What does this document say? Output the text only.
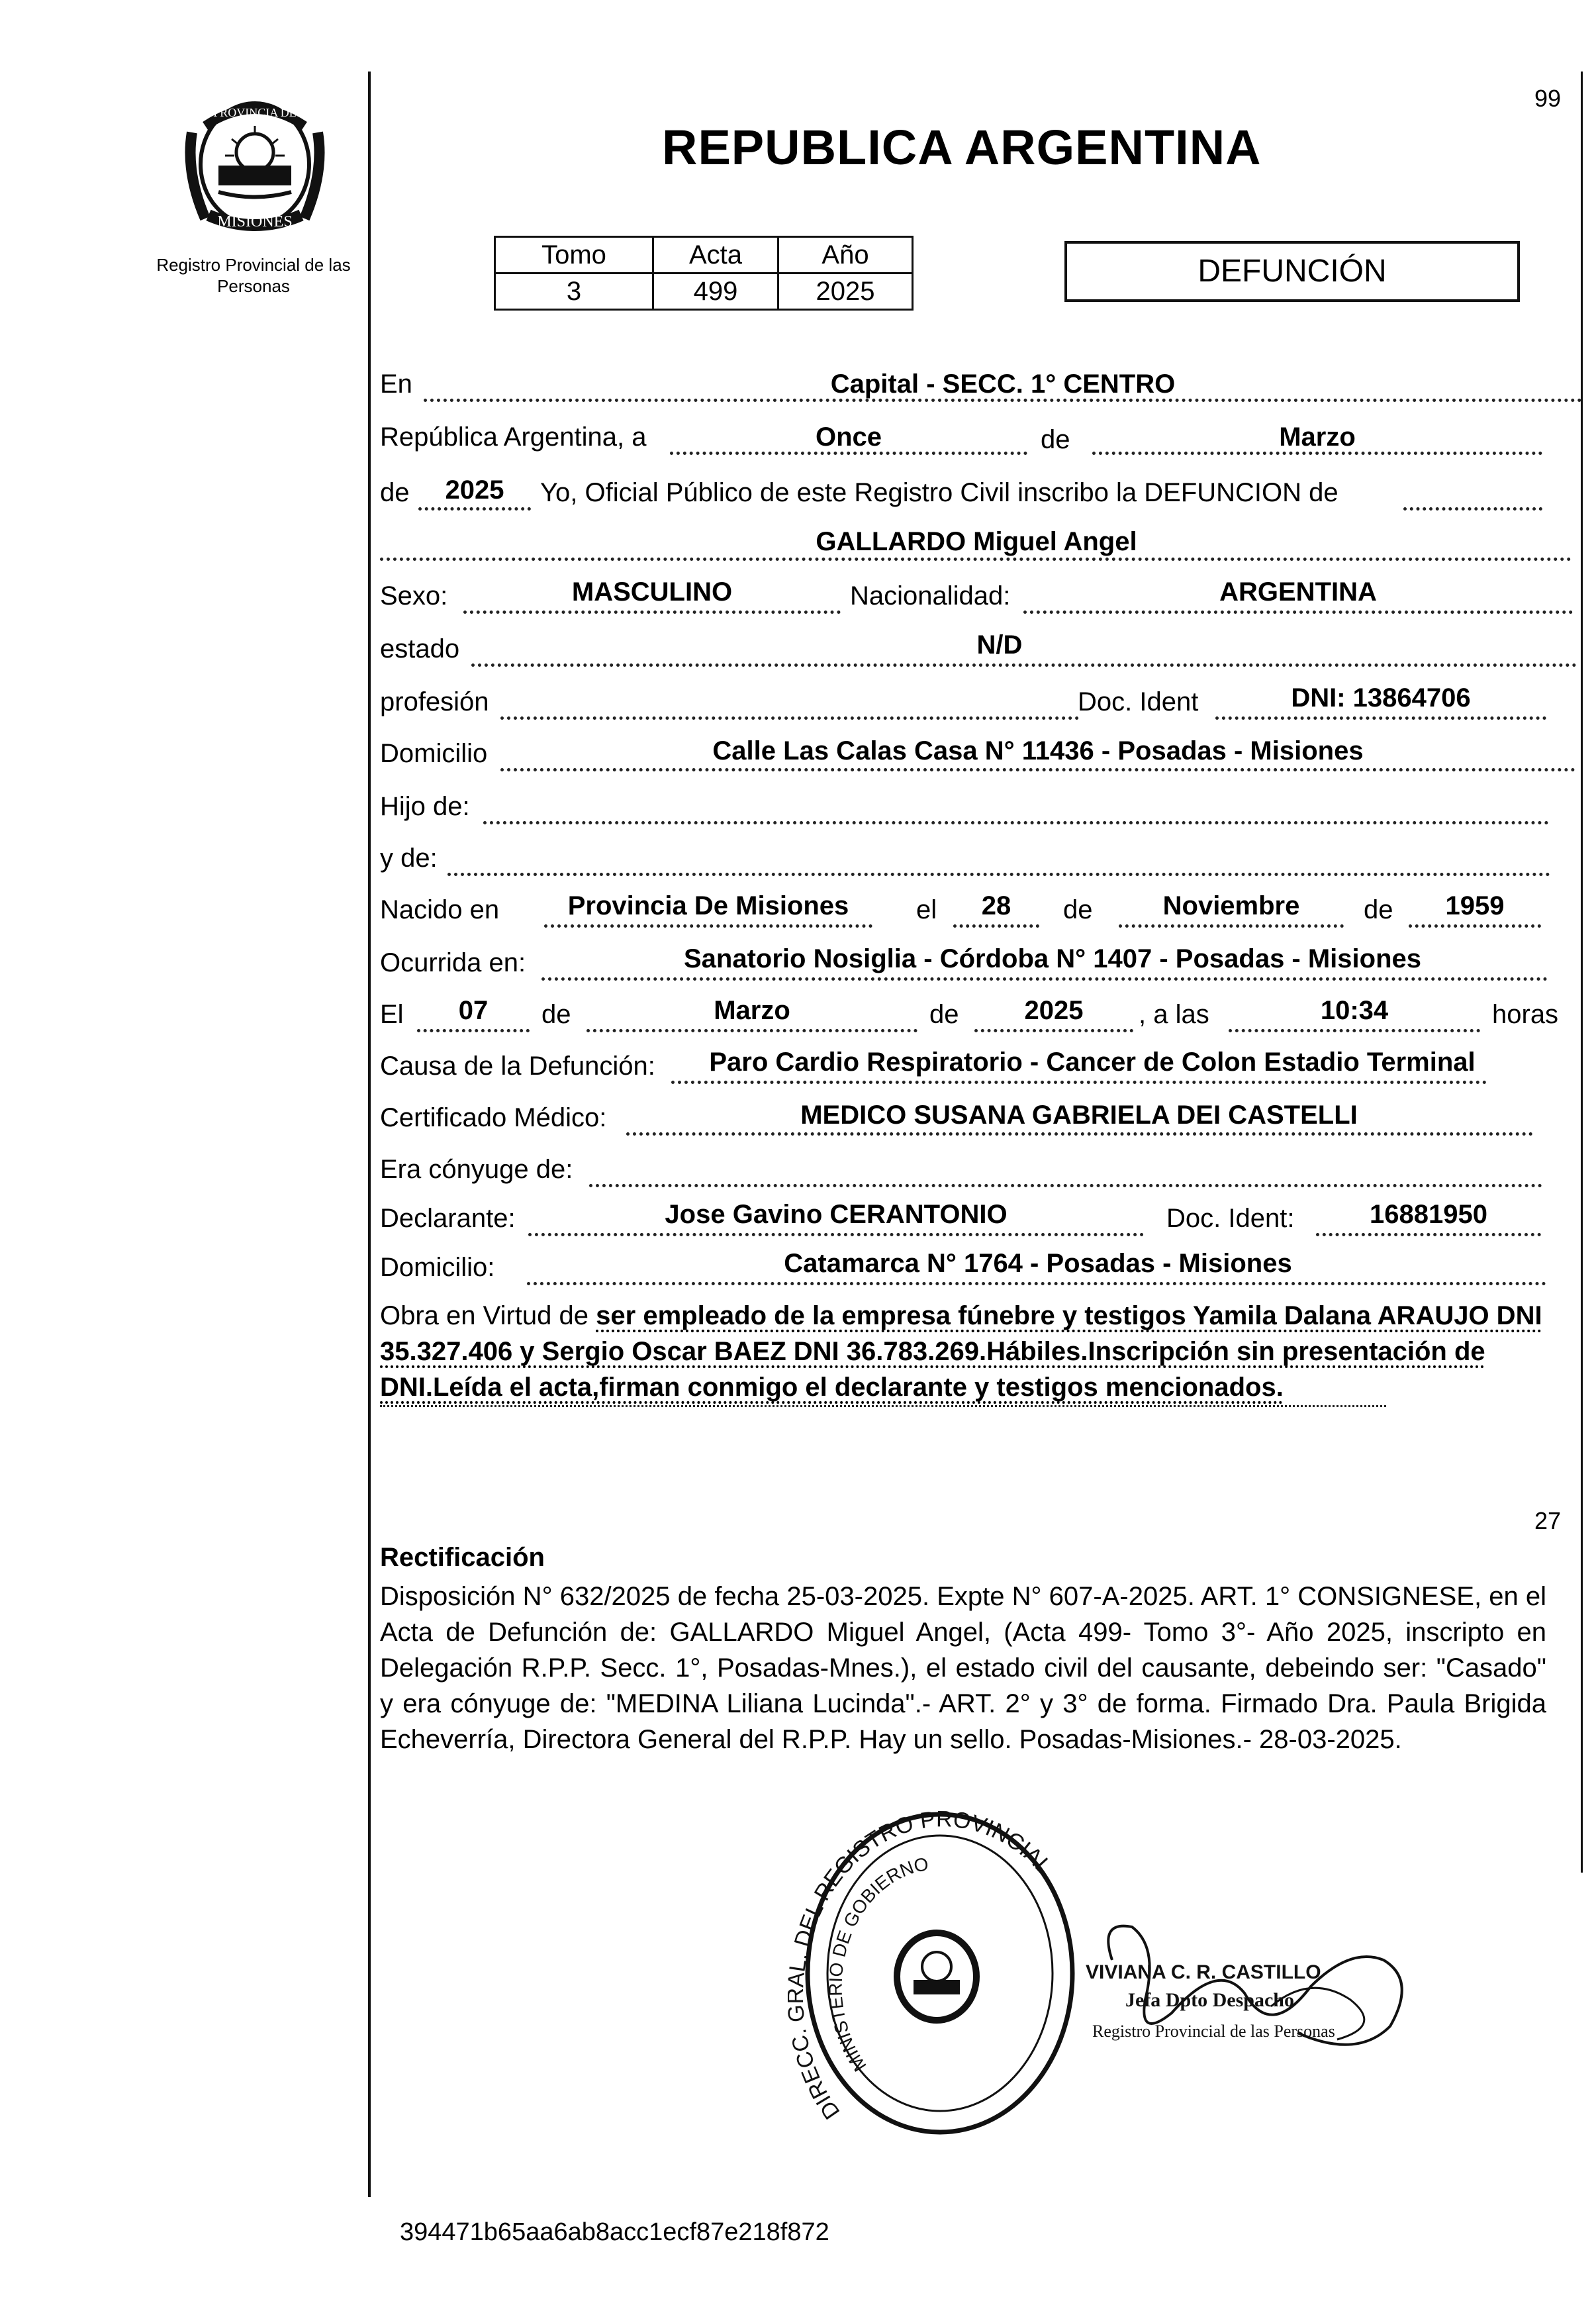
99
PROVINCIA DE
MISIONES
Registro Provincial de las Personas
REPUBLICA ARGENTINA
Tomo	Acta	Año
3	499	2025
DEFUNCIÓN
En	Capital - SECC. 1° CENTRO
República Argentina, a	Once	de	Marzo
de	2025	Yo, Oficial Público de este Registro Civil inscribo la DEFUNCION de
GALLARDO Miguel Angel
Sexo:	MASCULINO	Nacionalidad:	ARGENTINA
estado	N/D
profesión	Doc. Ident	DNI: 13864706
Domicilio	Calle Las Calas Casa N° 11436 - Posadas - Misiones
Hijo de:
y de:
Nacido en	Provincia De Misiones	el	28	de	Noviembre	de	1959
Ocurrida en:	Sanatorio Nosiglia - Córdoba N° 1407 - Posadas - Misiones
El	07	de	Marzo	de	2025	, a las	10:34	horas
Causa de la Defunción:	Paro Cardio Respiratorio - Cancer de Colon Estadio Terminal
Certificado Médico:	MEDICO SUSANA GABRIELA DEI CASTELLI
Era cónyuge de:
Declarante:	Jose Gavino CERANTONIO	Doc. Ident:	16881950
Domicilio:	Catamarca N° 1764 - Posadas - Misiones
Obra en Virtud de ser empleado de la empresa fúnebre y testigos Yamila Dalana ARAUJO DNI 35.327.406 y Sergio Oscar BAEZ DNI 36.783.269.Hábiles.Inscripción sin presentación de DNI.Leída el acta,firman conmigo el declarante y testigos mencionados.
27
Rectificación
Disposición N° 632/2025 de fecha 25-03-2025. Expte N° 607-A-2025. ART. 1° CONSIGNESE, en el Acta de Defunción de: GALLARDO Miguel Angel, (Acta 499- Tomo 3°- Año 2025, inscripto en Delegación R.P.P. Secc. 1°, Posadas-Mnes.), el estado civil del causante, debeindo ser: "Casado" y era cónyuge de: "MEDINA Liliana Lucinda".- ART. 2° y 3° de forma. Firmado Dra. Paula Brigida Echeverría, Directora General del R.P.P. Hay un sello. Posadas-Misiones.- 28-03-2025.
DIRECC. . DEL REGISTRO PROVINCIAL
MINISTERIO DE GOBIERNO
VIVIANA C. R. CASTILLO
Jefa Dpto Despacho
Registro Provincial de las Personas
394471b65aa6ab8acc1ecf87e218f872
